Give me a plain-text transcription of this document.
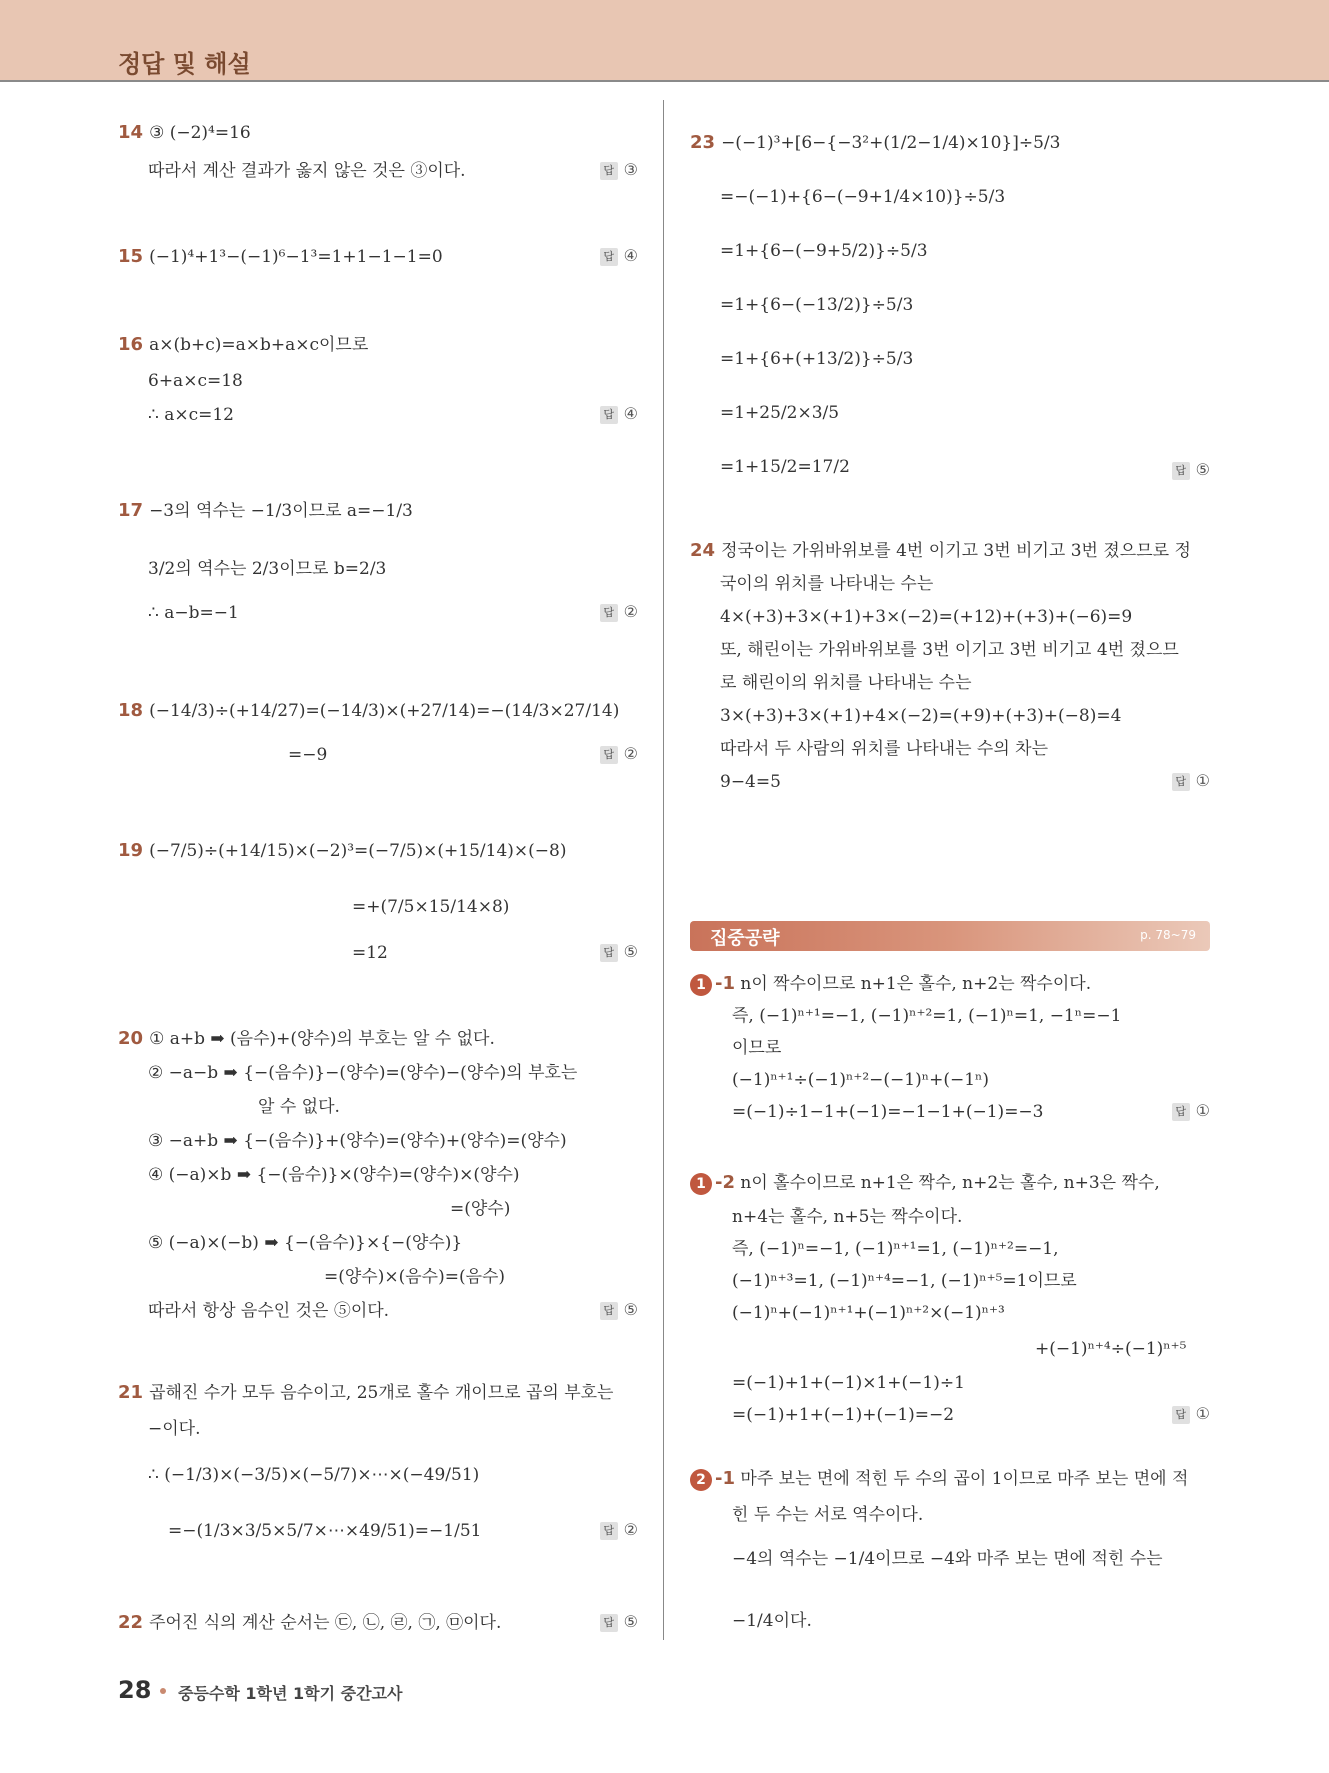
정답 및 해설
14 ③ (−2)⁴=16
따라서 계산 결과가 옳지 않은 것은 ③이다.	답 ③
15 (−1)⁴+1³−(−1)⁶−1³=1+1−1−1=0	답 ④
16 a×(b+c)=a×b+a×c이므로
6+a×c=18
∴ a×c=12	답 ④
17 −3의 역수는 −1/3이므로 a=−1/3
3/2의 역수는 2/3이므로 b=2/3
∴ a−b=−1	답 ②
18 (−14/3)÷(+14/27)=(−14/3)×(+27/14)=−(14/3×27/14)
=−9	답 ②
19 (−7/5)÷(+14/15)×(−2)³=(−7/5)×(+15/14)×(−8)
=+(7/5×15/14×8)
=12	답 ⑤
20 ① a+b ➡ (음수)+(양수)의 부호는 알 수 없다.
② −a−b ➡ {−(음수)}−(양수)=(양수)−(양수)의 부호는
알 수 없다.
③ −a+b ➡ {−(음수)}+(양수)=(양수)+(양수)=(양수)
④ (−a)×b ➡ {−(음수)}×(양수)=(양수)×(양수)
=(양수)
⑤ (−a)×(−b) ➡ {−(음수)}×{−(양수)}
=(양수)×(음수)=(음수)
따라서 항상 음수인 것은 ⑤이다.	답 ⑤
21 곱해진 수가 모두 음수이고, 25개로 홀수 개이므로 곱의 부호는
−이다.
∴ (−1/3)×(−3/5)×(−5/7)×⋯×(−49/51)
=−(1/3×3/5×5/7×⋯×49/51)=−1/51	답 ②
22 주어진 식의 계산 순서는 ㉢, ㉡, ㉣, ㉠, ㉤이다.	답 ⑤
23 −(−1)³+[6−{−3²+(1/2−1/4)×10}]÷5/3
=−(−1)+{6−(−9+1/4×10)}÷5/3
=1+{6−(−9+5/2)}÷5/3
=1+{6−(−13/2)}÷5/3
=1+{6+(+13/2)}÷5/3
=1+25/2×3/5
=1+15/2=17/2	답 ⑤
24 정국이는 가위바위보를 4번 이기고 3번 비기고 3번 졌으므로 정
국이의 위치를 나타내는 수는
4×(+3)+3×(+1)+3×(−2)=(+12)+(+3)+(−6)=9
또, 해린이는 가위바위보를 3번 이기고 3번 비기고 4번 졌으므
로 해린이의 위치를 나타내는 수는
3×(+3)+3×(+1)+4×(−2)=(+9)+(+3)+(−8)=4
따라서 두 사람의 위치를 나타내는 수의 차는
9−4=5	답 ①
1 -1 n이 짝수이므로 n+1은 홀수, n+2는 짝수이다.
즉, (−1)ⁿ⁺¹=−1, (−1)ⁿ⁺²=1, (−1)ⁿ=1, −1ⁿ=−1
이므로
(−1)ⁿ⁺¹÷(−1)ⁿ⁺²−(−1)ⁿ+(−1ⁿ)
=(−1)÷1−1+(−1)=−1−1+(−1)=−3	답 ①
1 -2 n이 홀수이므로 n+1은 짝수, n+2는 홀수, n+3은 짝수,
n+4는 홀수, n+5는 짝수이다.
즉, (−1)ⁿ=−1, (−1)ⁿ⁺¹=1, (−1)ⁿ⁺²=−1,
(−1)ⁿ⁺³=1, (−1)ⁿ⁺⁴=−1, (−1)ⁿ⁺⁵=1이므로
(−1)ⁿ+(−1)ⁿ⁺¹+(−1)ⁿ⁺²×(−1)ⁿ⁺³
+(−1)ⁿ⁺⁴÷(−1)ⁿ⁺⁵
=(−1)+1+(−1)×1+(−1)÷1
=(−1)+1+(−1)+(−1)=−2	답 ①
2 -1 마주 보는 면에 적힌 두 수의 곱이 1이므로 마주 보는 면에 적
힌 두 수는 서로 역수이다.
−4의 역수는 −1/4이므로 −4와 마주 보는 면에 적힌 수는
−1/4이다.
집중공략	p. 78~79
28 중등수학 1학년 1학기 중간고사
